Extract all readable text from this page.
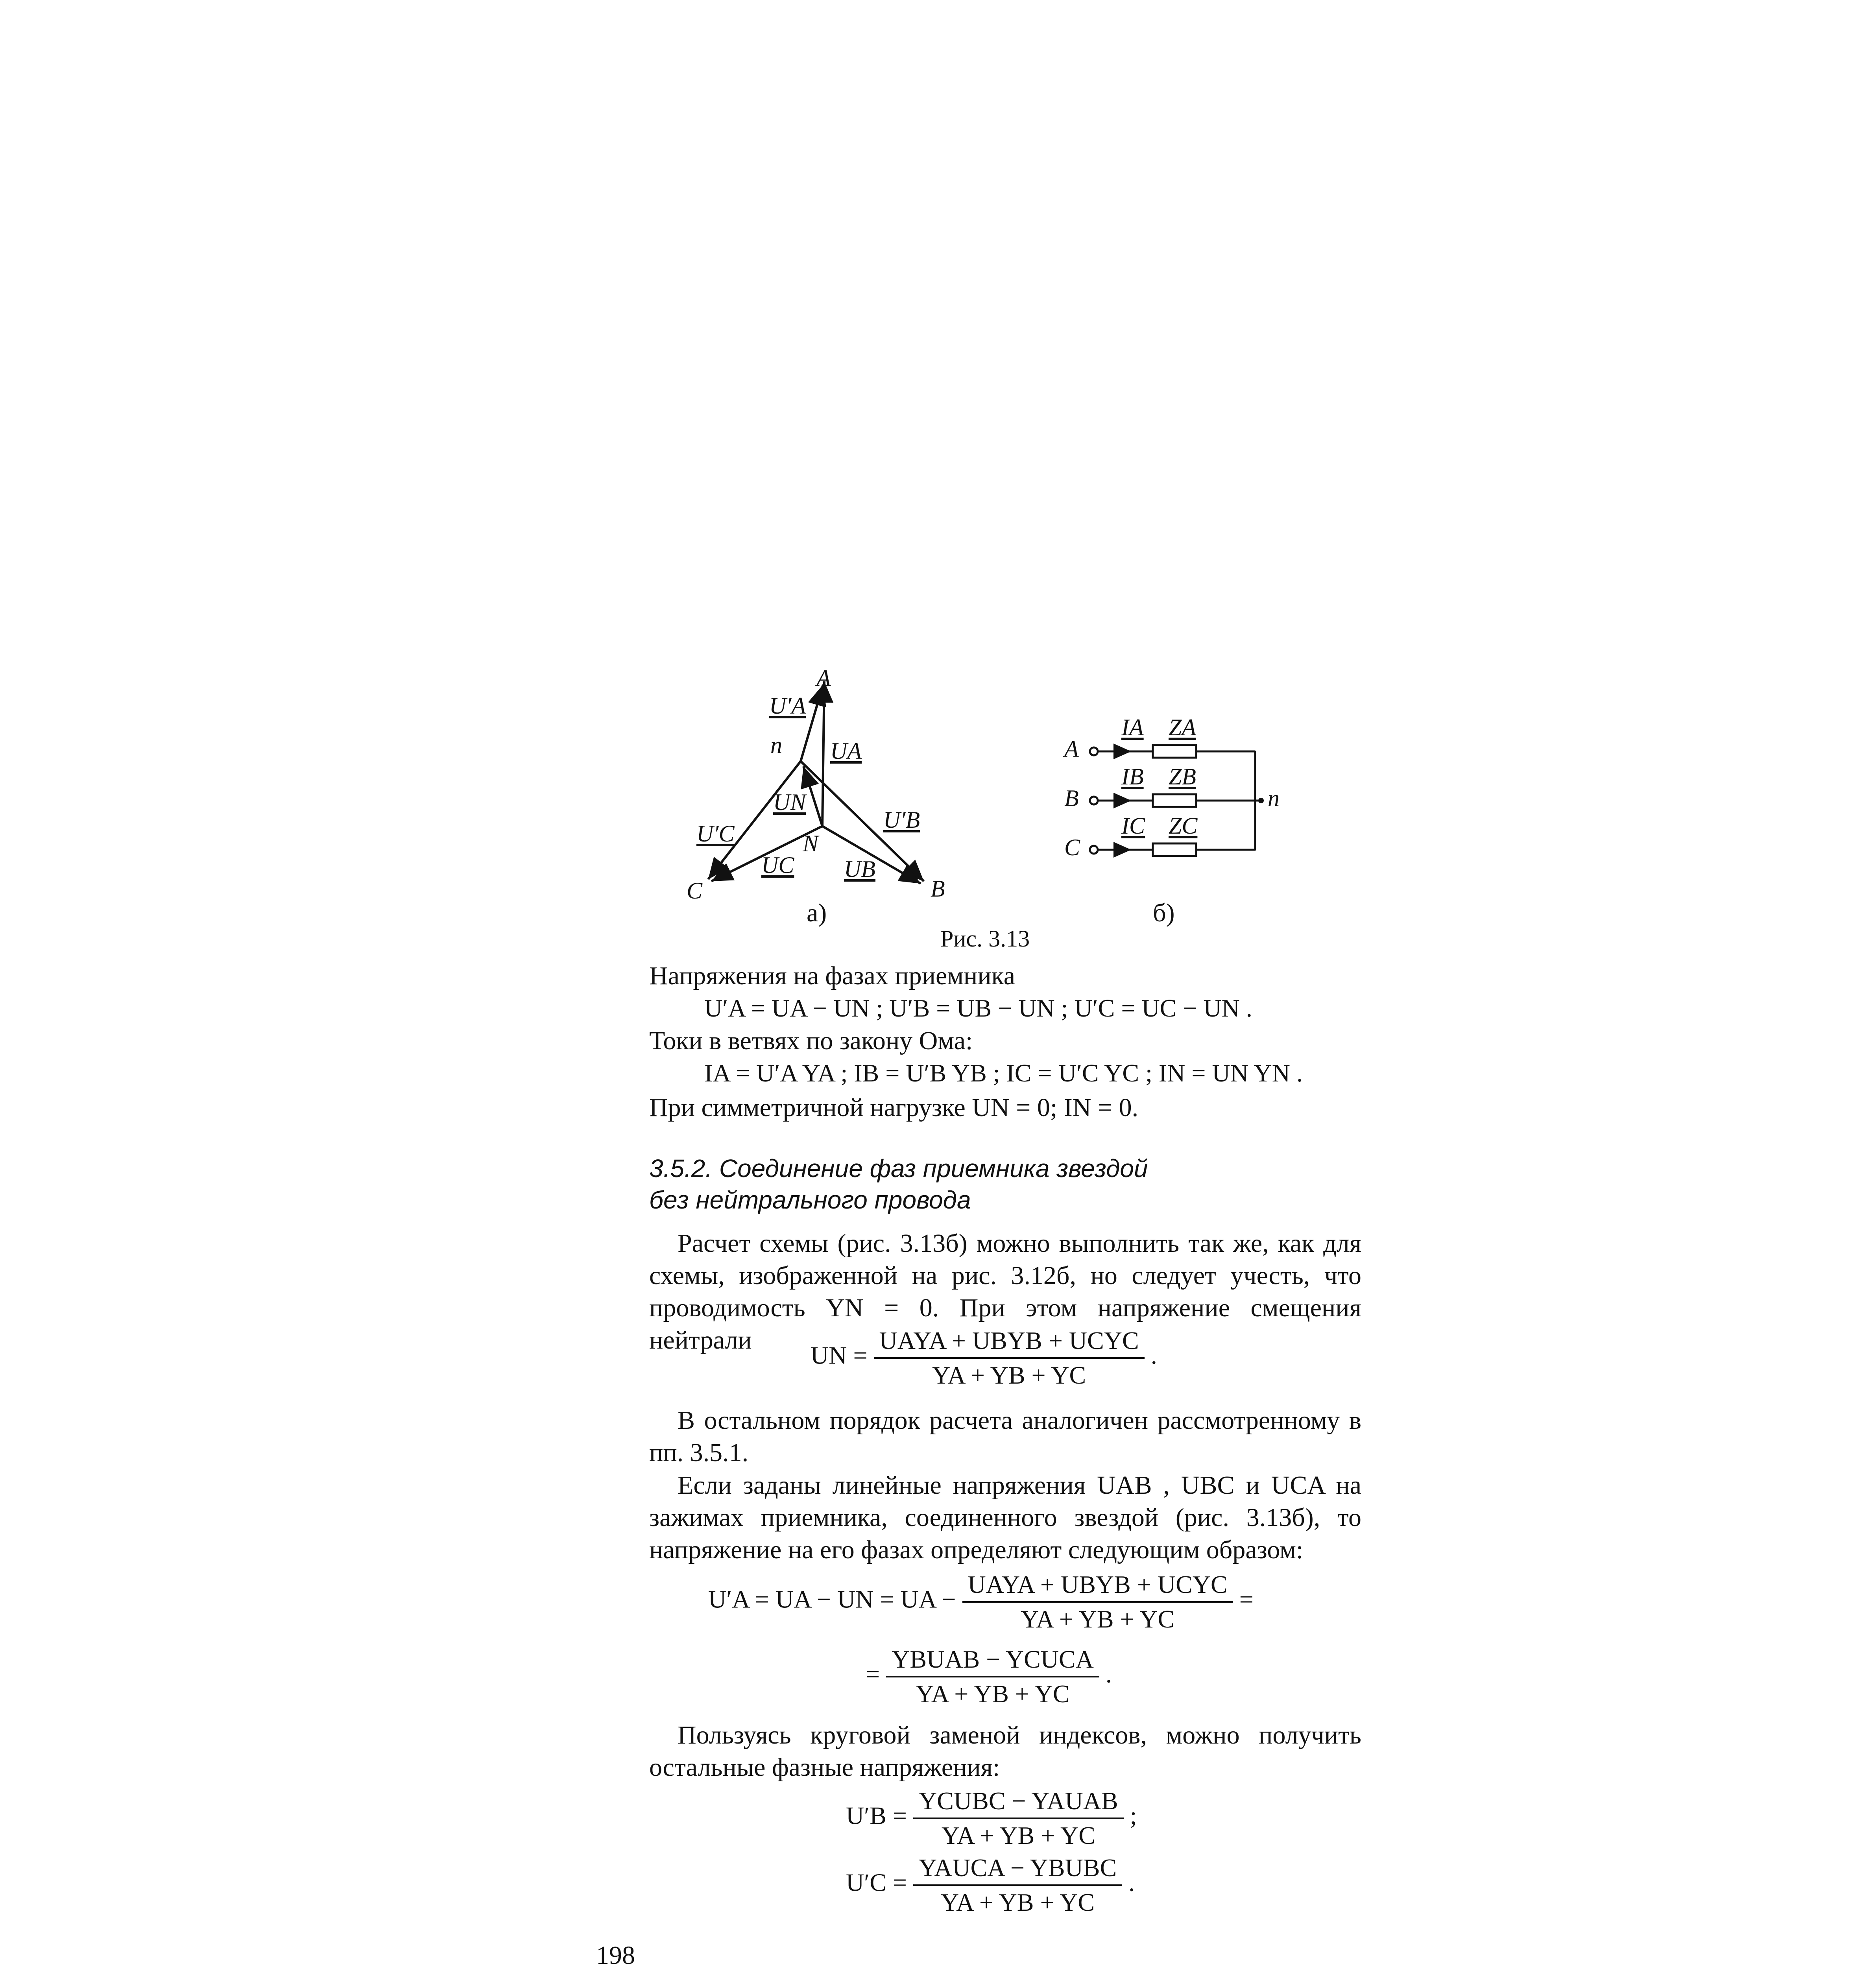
A
n
N
C	B
U′A
UA
UN
U′C
U′B
UC UB
а)
A
B
C
n
IA
IB
IC
ZA
ZB
ZC
б)
Рис. 3.13
Напряжения на фазах приемника
U′A = UA − UN ; U′B = UB − UN ; U′C = UC − UN .
Токи в ветвях по закону Ома:
IA = U′A YA ; IB = U′B YB ; IC = U′C YC ; IN = UN YN .
При симметричной нагрузке UN = 0; IN = 0.
3.5.2. Соединение фаз приемника звездой
без нейтрального провода
Расчет схемы (рис. 3.13б) можно выполнить так же, как для схемы, изображенной на рис. 3.12б, но следует учесть, что проводимость YN = 0. При этом напряжение смещения нейтрали
UN = $\frac{\text{UAYA + UBYB + UCYC}}{YA + YB + YC}$ .
В остальном порядок расчета аналогичен рассмотренному в пп. 3.5.1.
Если заданы линейные напряжения UAB , UBC и UCA на зажимах приемника, соединенного звездой (рис. 3.13б), то напряжение на его фазах определяют следующим образом:
U′A = UA − UN = UA − $\frac{\text{UAYA + UBYB + UCYC}}{YA + YB + YC}$ =
= $\frac{\text{YBUAB − YCUCA}}{YA + YB + YC}$ .
Пользуясь круговой заменой индексов, можно получить остальные фазные напряжения:
$U'B = \frac{\text{YCUBC − YAUAB}}{YA + YB + YC}$ ;
$U'C = \frac{\text{YAUCA − YBUBC}}{YA + YB + YC}$ .
198
